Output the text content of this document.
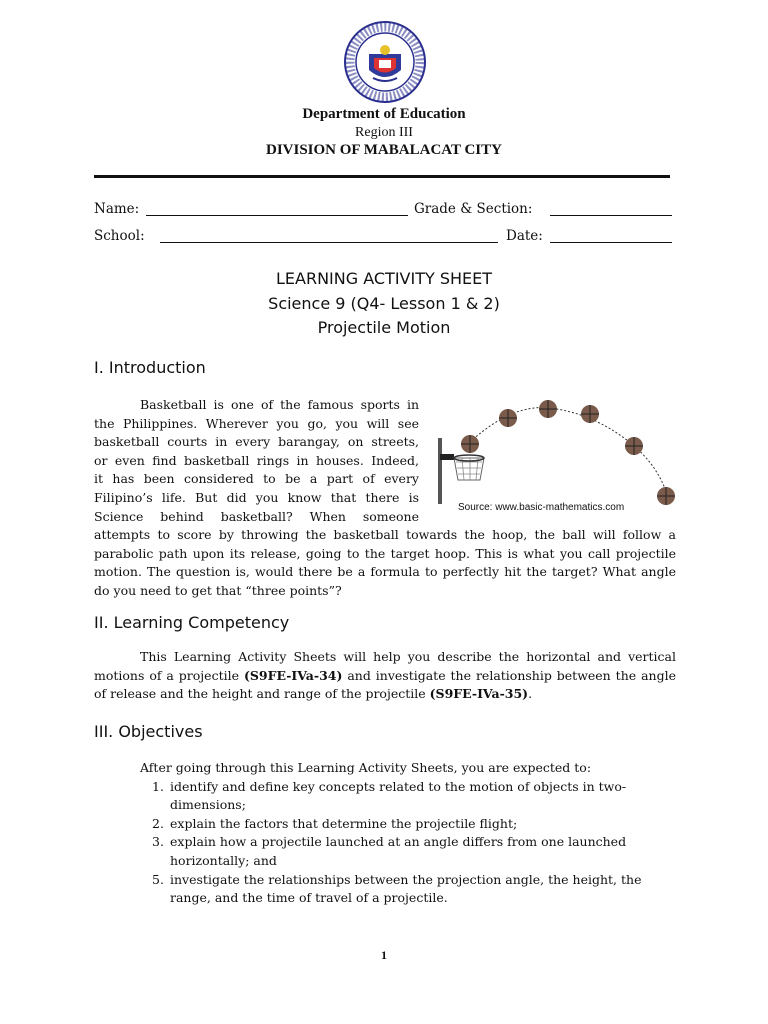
Department of Education
Region III
DIVISION OF MABALACAT CITY
Name:	Grade & Section:
School:	Date:
LEARNING ACTIVITY SHEET
Science 9 (Q4- Lesson 1 & 2)
Projectile Motion
I. Introduction
Basketball is one of the famous sports in
the Philippines. Wherever you go, you will see
basketball courts in every barangay, on streets,
or even find basketball rings in houses. Indeed,
it has been considered to be a part of every
Filipino’s life. But did you know that there is
Science behind basketball? When someone
Source: www.basic-mathematics.com
attempts to score by throwing the basketball towards the hoop, the ball will follow a parabolic path upon its release, going to the target hoop. This is what you call projectile motion. The question is, would there be a formula to perfectly hit the target? What angle do you need to get that “three points”?
II. Learning Competency
This Learning Activity Sheets will help you describe the horizontal and vertical motions of a projectile (S9FE-IVa-34) and investigate the relationship between the angle of release and the height and range of the projectile (S9FE-IVa-35).
III. Objectives
After going through this Learning Activity Sheets, you are expected to:
1. identify and define key concepts related to the motion of objects in two-dimensions;
2. explain the factors that determine the projectile flight;
3. explain how a projectile launched at an angle differs from one launched horizontally; and
5. investigate the relationships between the projection angle, the height, the range, and the time of travel of a projectile.
1
